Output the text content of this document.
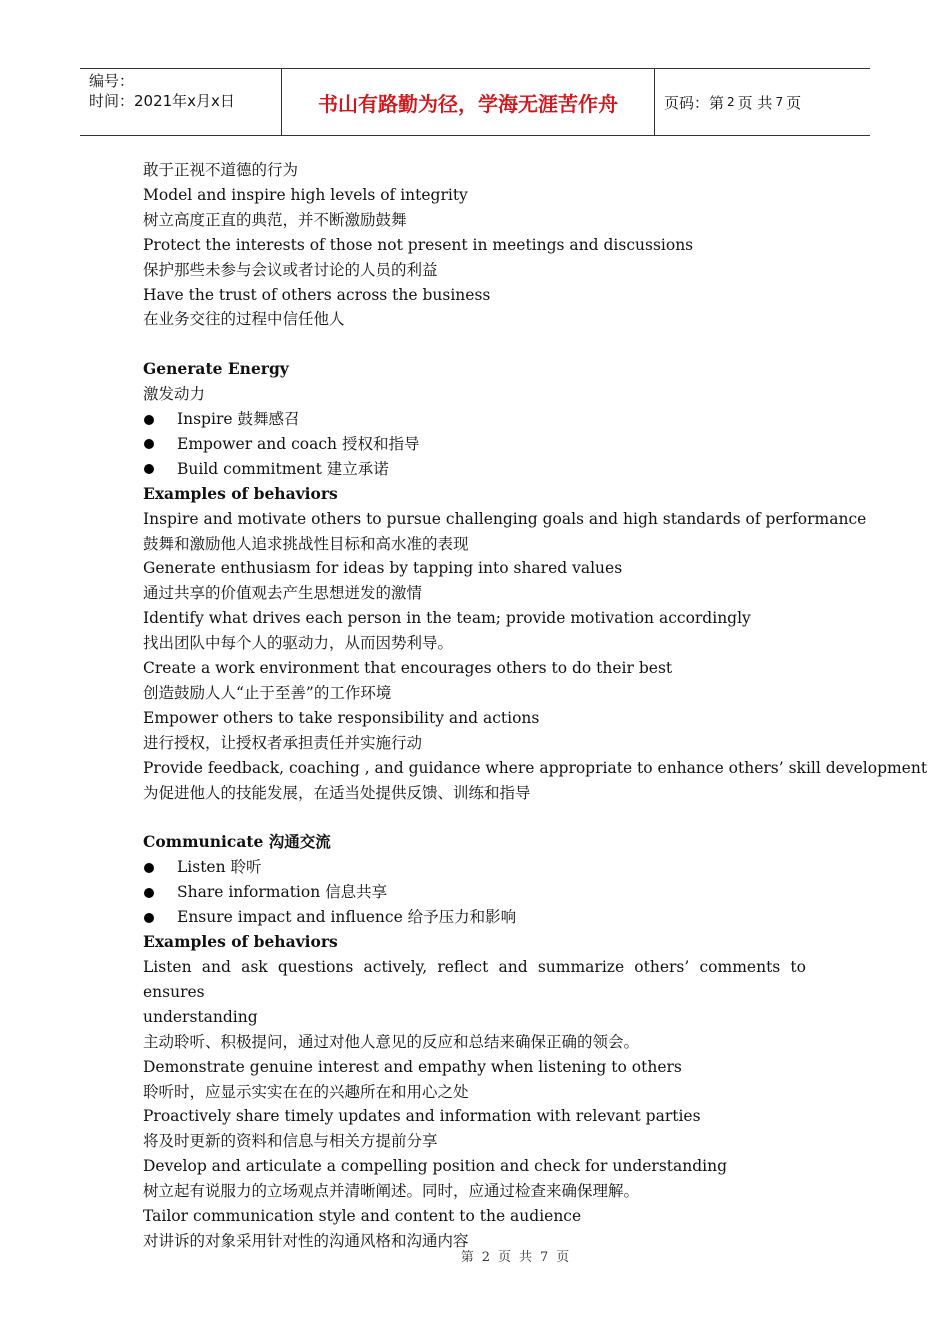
编号：
时间：2021年x月x日	书山有路勤为径，学海无涯苦作舟	页码：第 2 页 共 7 页
敢于正视不道德的行为
Model and inspire high levels of integrity
树立高度正直的典范，并不断激励鼓舞
Protect the interests of those not present in meetings and discussions
保护那些未参与会议或者讨论的人员的利益
Have the trust of others across the business
在业务交往的过程中信任他人
Generate Energy
激发动力
Inspire 鼓舞感召
Empower and coach 授权和指导
Build commitment 建立承诺
Examples of behaviors
Inspire and motivate others to pursue challenging goals and high standards of performance
鼓舞和激励他人追求挑战性目标和高水准的表现
Generate enthusiasm for ideas by tapping into shared values
通过共享的价值观去产生思想迸发的激情
Identify what drives each person in the team; provide motivation accordingly
找出团队中每个人的驱动力，从而因势利导。
Create a work environment that encourages others to do their best
创造鼓励人人“止于至善”的工作环境
Empower others to take responsibility and actions
进行授权，让授权者承担责任并实施行动
Provide feedback, coaching , and guidance where appropriate to enhance others’ skill development
为促进他人的技能发展，在适当处提供反馈、训练和指导
Communicate 沟通交流
Listen 聆听
Share information 信息共享
Ensure impact and influence 给予压力和影响
Examples of behaviors
Listen and ask questions actively, reflect and summarize others’ comments to ensures
understanding
主动聆听、积极提问，通过对他人意见的反应和总结来确保正确的领会。
Demonstrate genuine interest and empathy when listening to others
聆听时，应显示实实在在的兴趣所在和用心之处
Proactively share timely updates and information with relevant parties
将及时更新的资料和信息与相关方提前分享
Develop and articulate a compelling position and check for understanding
树立起有说服力的立场观点并清晰阐述。同时，应通过检查来确保理解。
Tailor communication style and content to the audience
对讲诉的对象采用针对性的沟通风格和沟通内容
第 2 页 共 7 页
